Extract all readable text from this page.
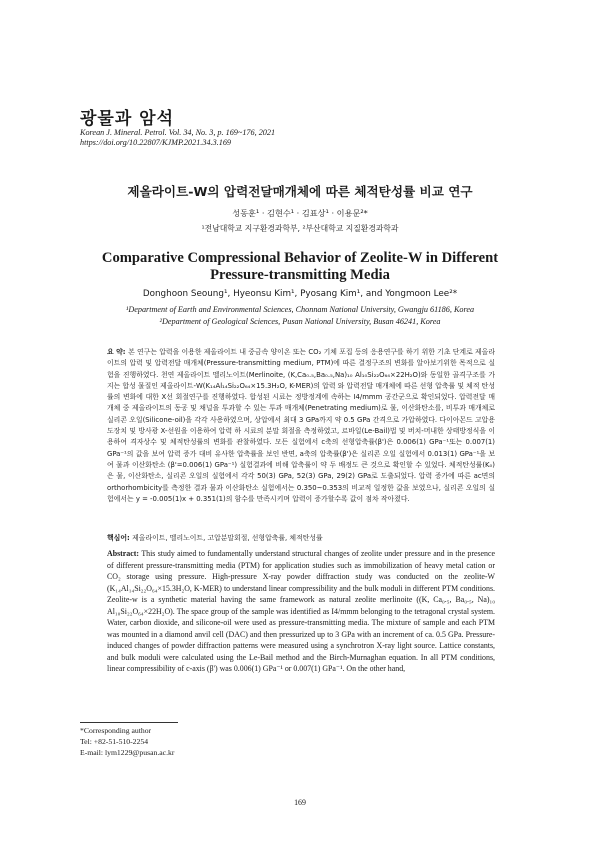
광물과 암석
Korean J. Mineral. Petrol. Vol. 34, No. 3, p. 169~176, 2021
https://doi.org/10.22807/KJMP.2021.34.3.169
제올라이트-W의 압력전달매개체에 따른 체적탄성률 비교 연구
성동훈¹ · 김현수¹ · 김표상¹ · 이용문²*
¹전남대학교 지구환경과학부, ²부산대학교 지질환경과학과
Comparative Compressional Behavior of Zeolite-W in Different
Pressure-transmitting Media
Donghoon Seoung¹, Hyeonsu Kim¹, Pyosang Kim¹, and Yongmoon Lee²*
¹Department of Earth and Environmental Sciences, Chonnam National University, Gwangju 61186, Korea
²Department of Geological Sciences, Pusan National University, Busan 46241, Korea
요 약: 본 연구는 압력을 이용한 제올라이트 내 중금속 양이온 또는 CO₂ 기체 포집 등의 응용연구를 하기 위한 기초 단계로 제올라이트의 압력 및 압력전달 매개체(Pressure-transmitting medium, PTM)에 따른 결정구조의 변화를 알아보기위한 목적으로 실험을 진행하였다. 천연 제올라이트 멜리노이트(Merlinoite, (K,Ca₀.₅,Ba₀.₅,Na)₁₀ Al₁₀Si₂₂O₆₄×22H₂O)와 동일한 골격구조를 가지는 합성 물질인 제올라이트-W(K₁₄Al₁₄Si₂₂O₆₄×15.3H₂O, K-MER)의 압력 와 압력전달 매개체에 따른 선형 압축률 및 체적 탄성률의 변화에 대한 X선 회절연구를 진행하였다. 합성된 시료는 정방정계에 속하는 I4/mmm 공간군으로 확인되었다. 압력전달 매개체 중 제올라이트의 동공 및 채널을 투과할 수 있는 투과 매개체(Penetrating medium)로 물, 이산화탄소를, 비투과 매개체로 실리콘 오일(Silicone-oil)을 각각 사용하였으며, 상압에서 최대 3 GPa까지 약 0.5 GPa 간격으로 가압하였다. 다이아몬드 고압용도장치 및 방사광 X-선원을 이용하여 압력 하 시료의 분말 회절을 측정하였고, 르바일(Le-Bail)법 및 버치-머내한 상태방정식을 이용하여 격자상수 및 체적탄성률의 변화를 관찰하였다. 모든 실험에서 c축의 선형압축률(β')은 0.006(1) GPa⁻¹또는 0.007(1) GPa⁻¹의 값을 보여 압력 증가 대비 유사한 압축률을 보인 반면, a축의 압축률(β')은 실리콘 오일 실험에서 0.013(1) GPa⁻¹을 보여 물과 이산화탄소 (β'=0.006(1) GPa⁻¹) 실험결과에 비해 압축률이 약 두 배정도 큰 것으로 확인할 수 있었다. 체적탄성률(K₀)은 물, 이산화탄소, 실리콘 오일의 실험에서 각각 50(3) GPa, 52(3) GPa, 29(2) GPa로 도출되었다. 압력 증가에 따른 ac면의 orthorhombicity를 측정한 결과 물과 이산화탄소 실험에서는 0.350~0.353의 비교적 일정한 값을 보였으나, 실리콘 오일의 실험에서는 y = -0.005(1)x + 0.351(1)의 함수를 만족시키며 압력이 증가할수록 값이 점차 작아졌다.
핵심어: 제올라이트, 멜리노이트, 고압분말회절, 선형압축률, 체적탄성률
Abstract: This study aimed to fundamentally understand structural changes of zeolite under pressure and in the presence of different pressure-transmitting media (PTM) for application studies such as immobilization of heavy metal cation or CO₂ storage using pressure. High-pressure X-ray powder diffraction study was conducted on the zeolite-W (K₁₄Al₁₄Si₂₂O₆₄×15.3H₂O, K-MER) to understand linear compressibility and the bulk moduli in different PTM conditions. Zeolite-w is a synthetic material having the same framework as natural zeolite merlinoite ((K, Ca₀.₅, Ba₀.₅, Na)₁₀ Al₁₀Si₂₂O₆₄×22H₂O). The space group of the sample was identified as I4/mmm belonging to the tetragonal crystal system. Water, carbon dioxide, and silicone-oil were used as pressure-transmitting media. The mixture of sample and each PTM was mounted in a diamond anvil cell (DAC) and then pressurized up to 3 GPa with an increment of ca. 0.5 GPa. Pressure-induced changes of powder diffraction patterns were measured using a synchrotron X-ray light source. Lattice constants, and bulk moduli were calculated using the Le-Bail method and the Birch-Murnaghan equation. In all PTM conditions, linear compressibility of c-axis (β') was 0.006(1) GPa⁻¹ or 0.007(1) GPa⁻¹. On the other hand,
*Corresponding author
Tel: +82-51-510-2254
E-mail: lym1229@pusan.ac.kr
169
